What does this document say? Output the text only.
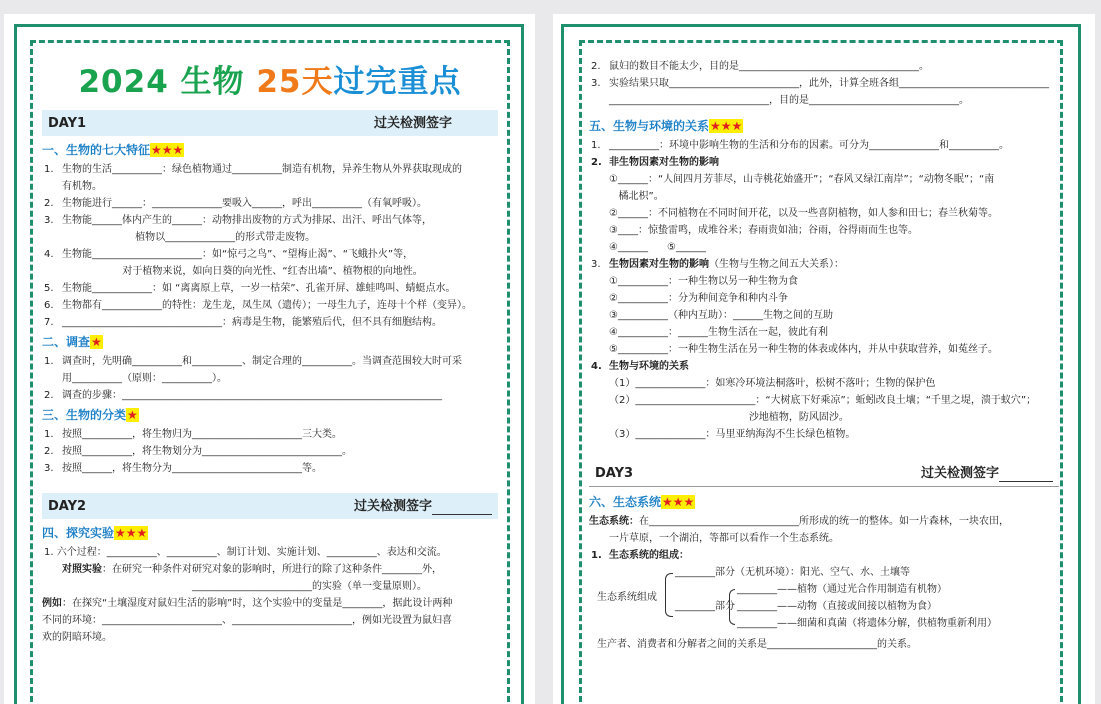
2024 生物 25天过完重点
DAY1	过关检测签字
一、生物的七大特征★★★
1. 生物的生活__________：绿色植物通过__________制造有机物，异养生物从外界获取现成的
有机物。
2. 生物能进行______：______________要吸入______，呼出__________（有氧呼吸）。
3. 生物能______体内产生的______：动物排出废物的方式为排尿、出汗、呼出气体等，
植物以______________的形式带走废物。
4. 生物能______________________：如“惊弓之鸟”、“望梅止渴”、“飞蛾扑火”等，
对于植物来说，如向日葵的向光性、“红杏出墙”、植物根的向地性。
5. 生物能____________：如 “离离原上草，一岁一枯荣”、孔雀开屏、雄蛙鸣叫、蜻蜓点水。
6. 生物都有____________的特性：龙生龙，凤生凤（遗传）；一母生九子，连母十个样（变异）。
7. ________________________________：病毒是生物，能繁殖后代，但不具有细胞结构。
二、调查★
1. 调查时，先明确__________和__________、制定合理的__________。当调查范围较大时可采
用__________（原则：__________）。
2. 调查的步骤：________________________________________________________________
三、生物的分类★
1. 按照__________，将生物归为______________________三大类。
2. 按照__________，将生物划分为____________________________。
3. 按照______，将生物分为__________________________等。
DAY2	过关检测签字
四、探究实验★★★
1. 六个过程：__________、__________、制订计划、实施计划、__________、表达和交流。
对照实验：在研究一种条件对研究对象的影响时，所进行的除了这种条件________外，
________________________的实验（单一变量原则）。
例如：在探究“土壤湿度对鼠妇生活的影响”时，这个实验中的变量是________，据此设计两种
不同的环境：________________________、________________________，例如光设置为鼠妇喜
欢的阴暗环境。
2. 鼠妇的数目不能太少，目的是____________________________________。
3. 实验结果只取__________________________，此外，计算全班各组______________________________
________________________________，目的是______________________________。
五、生物与环境的关系★★★
1. __________：环境中影响生物的生活和分布的因素。可分为______________和__________。
2. 非生物因素对生物的影响
①______：“人间四月芳菲尽，山寺桃花始盛开”；“春风又绿江南岸”；“动物冬眠”；“南
橘北枳”。
②______：不同植物在不同时间开花，以及一些喜阴植物，如人参和田七；春兰秋菊等。
③____：惊蛰雷鸣，成堆谷米；春雨贵如油；谷雨，谷得雨而生也等。
④______      ⑤______
3. 生物因素对生物的影响（生物与生物之间五大关系）：
①__________：一种生物以另一种生物为食
②__________：分为种间竞争和种内斗争
③__________（种内互助）：______生物之间的互助
④__________：______生物生活在一起，彼此有利
⑤__________：一种生物生活在另一种生物的体表或体内，并从中获取营养，如菟丝子。
4. 生物与环境的关系
（1）______________：如寒冷环境法桐落叶，松树不落叶；生物的保护色
（2）________________________：“大树底下好乘凉”；蚯蚓改良土壤；“千里之堤，溃于蚁穴”；
沙地植物，防风固沙。
（3）______________：马里亚纳海沟不生长绿色植物。
DAY3	过关检测签字
六、生态系统★★★
生态系统：在______________________________所形成的统一的整体。如一片森林，一块农田，
一片草原，一个湖泊，等都可以看作一个生态系统。
1. 生态系统的组成：
生态系统组成
________部分（无机环境）：阳光、空气、水、土壤等
________部分
________——植物（通过光合作用制造有机物）
________——动物（直接或间接以植物为食）
________——细菌和真菌（将遗体分解，供植物重新利用）
生产者、消费者和分解者之间的关系是______________________的关系。
